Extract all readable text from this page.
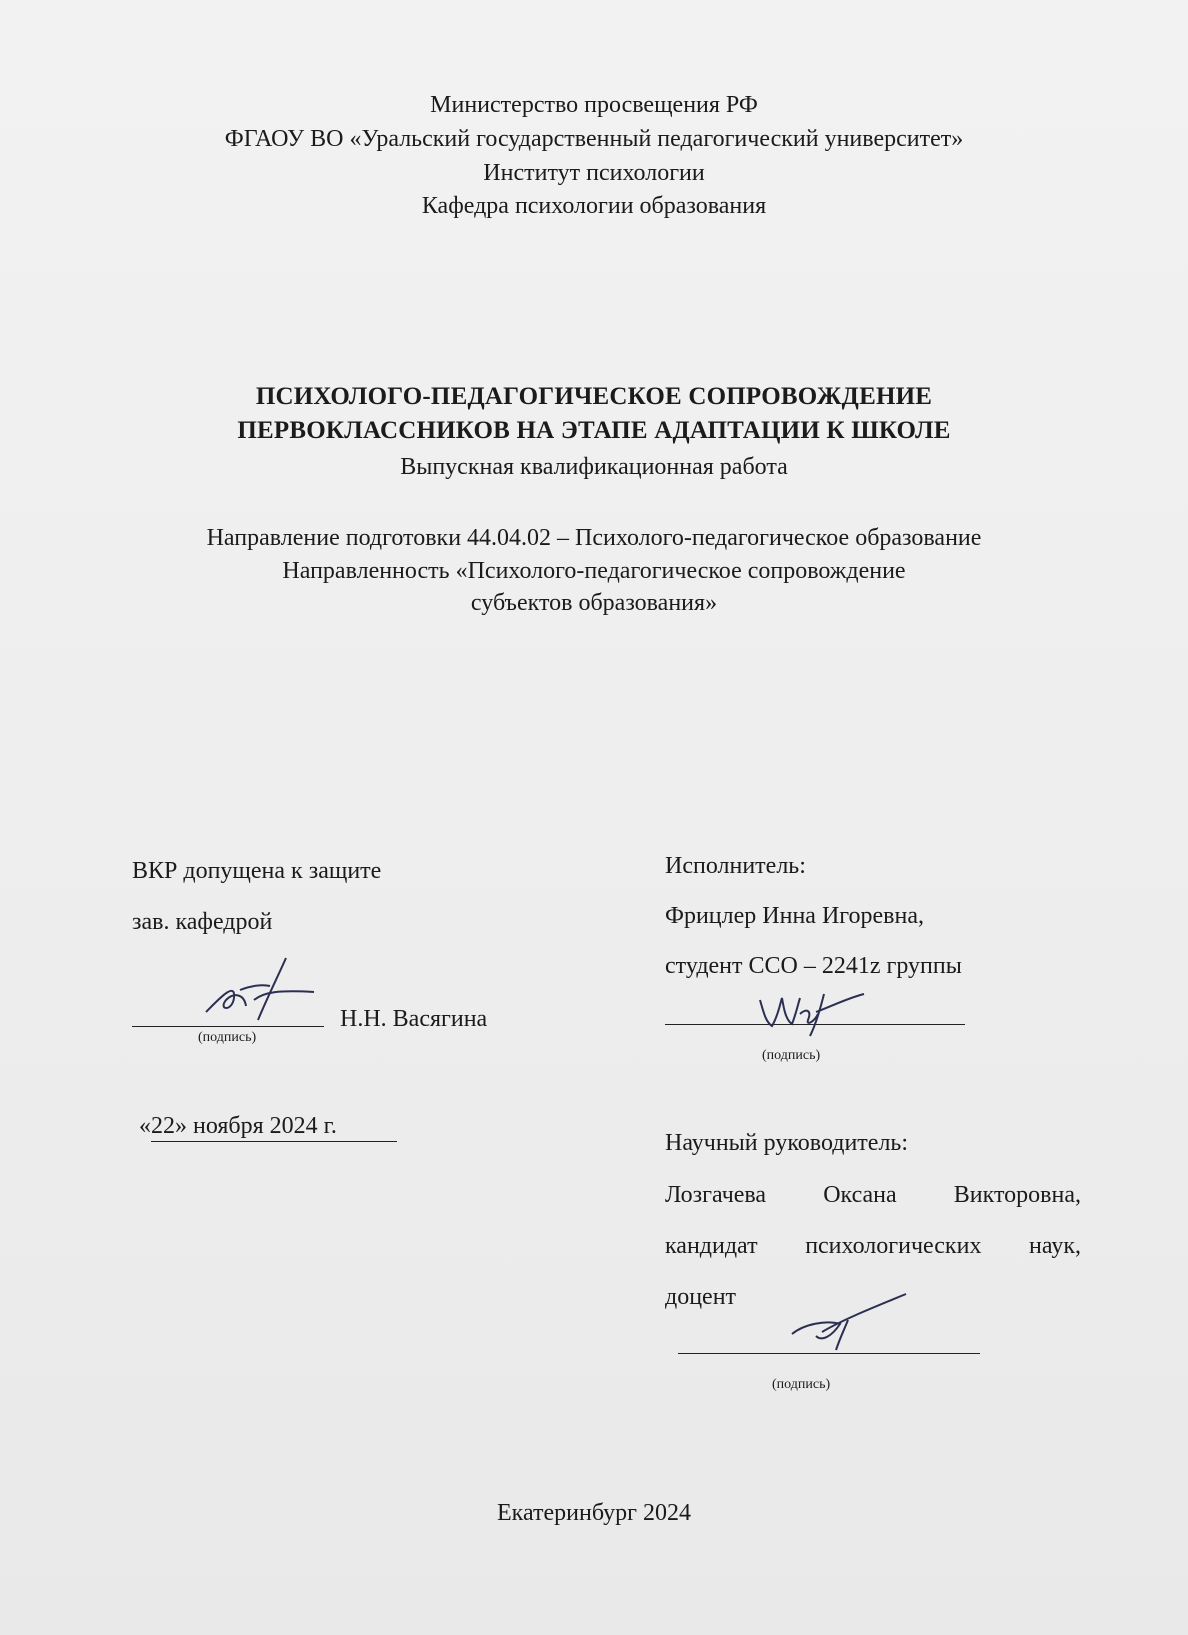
Министерство просвещения РФ
ФГАОУ ВО «Уральский государственный педагогический университет»
Институт психологии
Кафедра психологии образования
ПСИХОЛОГО-ПЕДАГОГИЧЕСКОЕ СОПРОВОЖДЕНИЕ
ПЕРВОКЛАССНИКОВ НА ЭТАПЕ АДАПТАЦИИ К ШКОЛЕ
Выпускная квалификационная работа
Направление подготовки 44.04.02 – Психолого-педагогическое образование
Направленность «Психолого-педагогическое сопровождение
субъектов образования»
ВКР допущена к защите
зав. кафедрой
Н.Н. Васягина
(подпись)
«22» ноября 2024 г.
Исполнитель:
Фрицлер Инна Игоревна,
студент ССО – 2241z группы
(подпись)
Научный руководитель:
Лозгачева Оксана Викторовна,
кандидат психологических наук,
доцент
(подпись)
Екатеринбург 2024
